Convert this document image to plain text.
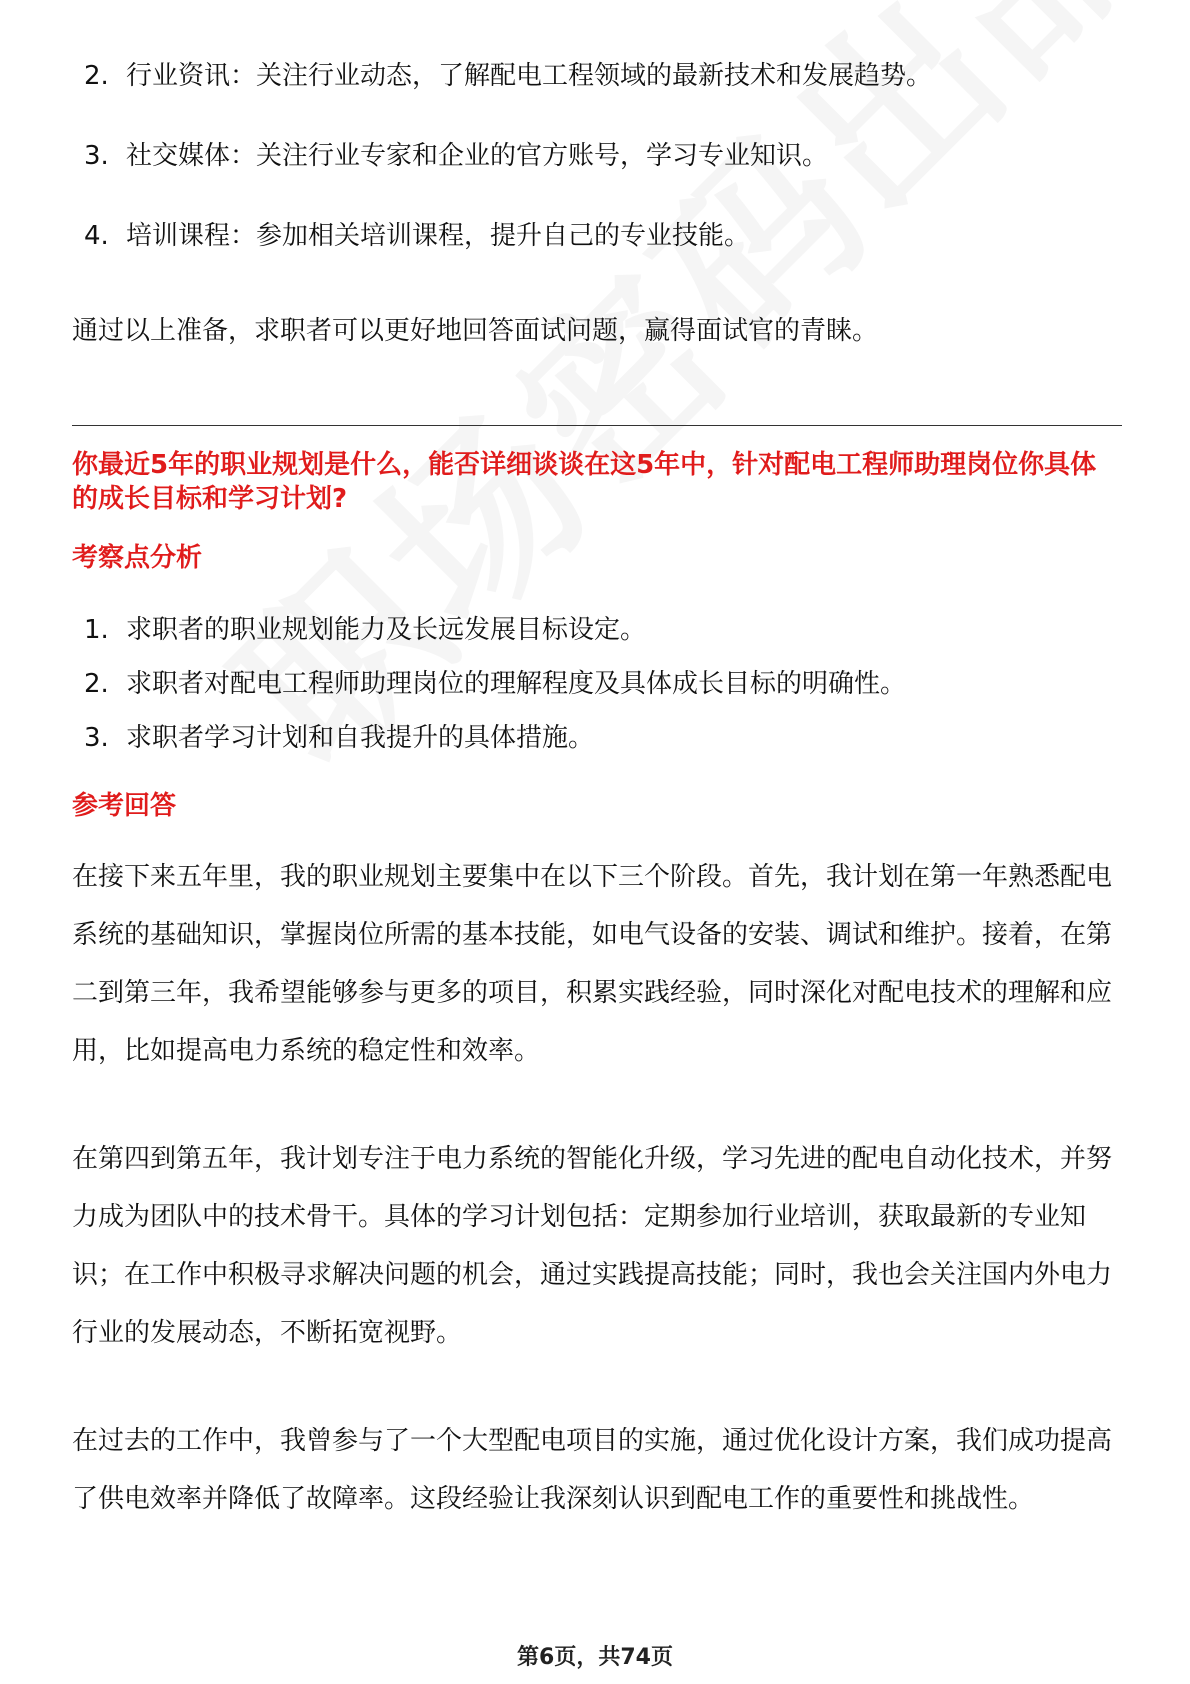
2. 行业资讯：关注行业动态，了解配电工程领域的最新技术和发展趋势。
3. 社交媒体：关注行业专家和企业的官方账号，学习专业知识。
4. 培训课程：参加相关培训课程，提升自己的专业技能。

通过以上准备，求职者可以更好地回答面试问题，赢得面试官的青睐。

你最近5年的职业规划是什么，能否详细谈谈在这5年中，针对配电工程师助理岗位你具体的成长目标和学习计划?

考察点分析

1. 求职者的职业规划能力及长远发展目标设定。
2. 求职者对配电工程师助理岗位的理解程度及具体成长目标的明确性。
3. 求职者学习计划和自我提升的具体措施。

参考回答

在接下来五年里，我的职业规划主要集中在以下三个阶段。首先，我计划在第一年熟悉配电系统的基础知识，掌握岗位所需的基本技能，如电气设备的安装、调试和维护。接着，在第二到第三年，我希望能够参与更多的项目，积累实践经验，同时深化对配电技术的理解和应用，比如提高电力系统的稳定性和效率。

在第四到第五年，我计划专注于电力系统的智能化升级，学习先进的配电自动化技术，并努力成为团队中的技术骨干。具体的学习计划包括：定期参加行业培训，获取最新的专业知识；在工作中积极寻求解决问题的机会，通过实践提高技能；同时，我也会关注国内外电力行业的发展动态，不断拓宽视野。

在过去的工作中，我曾参与了一个大型配电项目的实施，通过优化设计方案，我们成功提高了供电效率并降低了故障率。这段经验让我深刻认识到配电工作的重要性和挑战性。

第6页，共74页
